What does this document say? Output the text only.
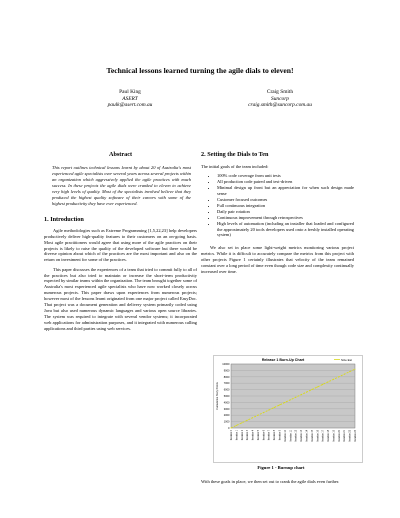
Technical lessons learned turning the agile dials to eleven!
Paul King
ASERT
paulk@asert.com.au
Craig Smith
Suncorp
craig.smith@suncorp.com.au
Abstract
This report outlines technical lessons learnt by about 20 of Australia's most experienced agile specialists over several years across several projects within an organization which aggressively applied the agile practices with much success. In these projects the agile dials were cranked to eleven to achieve very high levels of quality. Most of the specialists involved believe that they produced the highest quality software of their careers with some of the highest productivity they have ever experienced.
1. Introduction

Agile methodologies such as Extreme Programming [1,5,22,23] help developers productively deliver high-quality features to their customers on an on-going basis. Most agile practitioners would agree that using more of the agile practices on their projects is likely to raise the quality of the developed software but there would be diverse opinion about which of the practices are the most important and also on the return on investment for some of the practices.

This paper discusses the experiences of a team that tried to commit fully to all of the practices but also tried to maintain or increase the short-term productivity expected by similar teams within the organization. The team brought together some of Australia's most experienced agile specialists who have now worked closely across numerous projects. This paper draws upon experiences from numerous projects; however most of the lessons learnt originated from one major project called EasyDoc. That project was a document generation and delivery system primarily coded using Java but also used numerous dynamic languages and various open source libraries. The system was required to integrate with several vendor systems; it incorporated web applications for administration purposes, and it integrated with numerous calling applications and third parties using web services.

2. Setting the Dials to Ten

The initial goals of the team included:

• 100% code coverage from unit tests
• All production code paired and test-driven
• Minimal design up front but an appreciation for when such design made sense
• Customer focused outcomes
• Full continuous integration
• Daily pair rotation
• Continuous improvement through retrospectives
• High levels of automation (including an installer that loaded and configured the approximately 20 tools developers used onto a freshly installed operating system)

We also set in place some light-weight metrics monitoring various project metrics. While it is difficult to accurately compare the metrics from this project with other projects Figure 1 certainly illustrates that velocity of the team remained constant over a long period of time even though code size and complexity continually increased over time.

Release 1 Burn-Up Chart	Size Est
0
1000
2000
3000
4000
5000
6000
7000
8000
9000
10000
Cumulative Story Points
Iteration 0	Iteration 1	Iteration 2	Iteration 3	Iteration 4	Iteration 5	Iteration 6	Iteration 7	Iteration 8	Iteration 9	Iteration 10	Iteration 11	Iteration 12	Iteration 13	Iteration 14	Iteration 15	Iteration 16	Iteration 17	Iteration 18	Iteration 19	Iteration 20	Iteration 21	Iteration 22	Iteration 23
Figure 1 - Burnup chart
With these goals in place, we then set out to crank the agile dials even further.
